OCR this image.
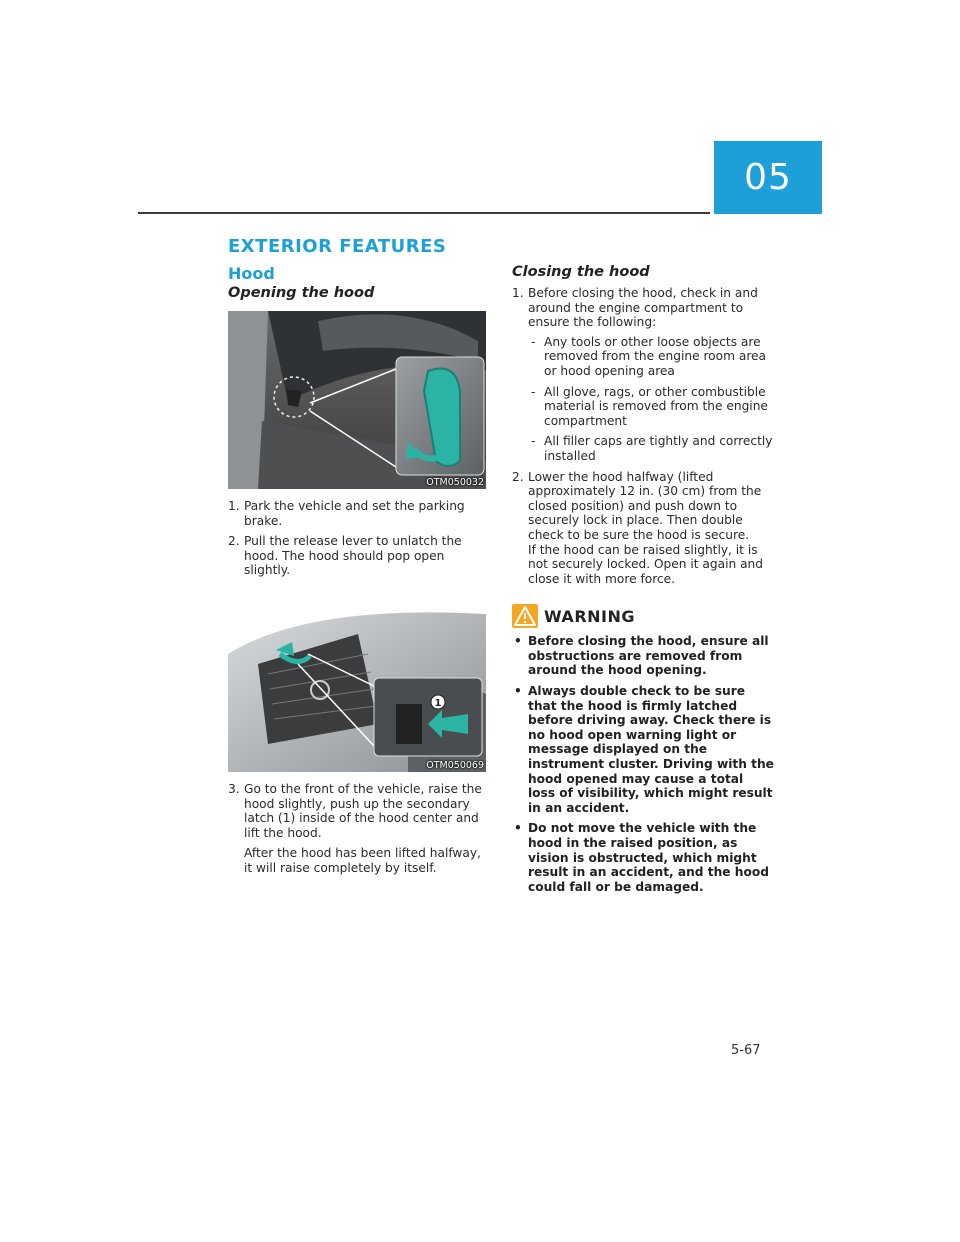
05
EXTERIOR FEATURES
Hood
Opening the hood
OTM050032
1. Park the vehicle and set the parking brake.
2. Pull the release lever to unlatch the hood. The hood should pop open slightly.
1
OTM050069
3. Go to the front of the vehicle, raise the hood slightly, push up the secondary latch (1) inside of the hood center and lift the hood.
After the hood has been lifted halfway, it will raise completely by itself.
Closing the hood
1. Before closing the hood, check in and around the engine compartment to ensure the following:
- Any tools or other loose objects are removed from the engine room area or hood opening area
- All glove, rags, or other combustible material is removed from the engine compartment
- All filler caps are tightly and correctly installed
2. Lower the hood halfway (lifted approximately 12 in. (30 cm) from the closed position) and push down to securely lock in place. Then double check to be sure the hood is secure.
If the hood can be raised slightly, it is not securely locked. Open it again and close it with more force.
WARNING
• Before closing the hood, ensure all obstructions are removed from around the hood opening.
• Always double check to be sure that the hood is firmly latched before driving away. Check there is no hood open warning light or message displayed on the instrument cluster. Driving with the hood opened may cause a total loss of visibility, which might result in an accident.
• Do not move the vehicle with the hood in the raised position, as vision is obstructed, which might result in an accident, and the hood could fall or be damaged.
5-67
